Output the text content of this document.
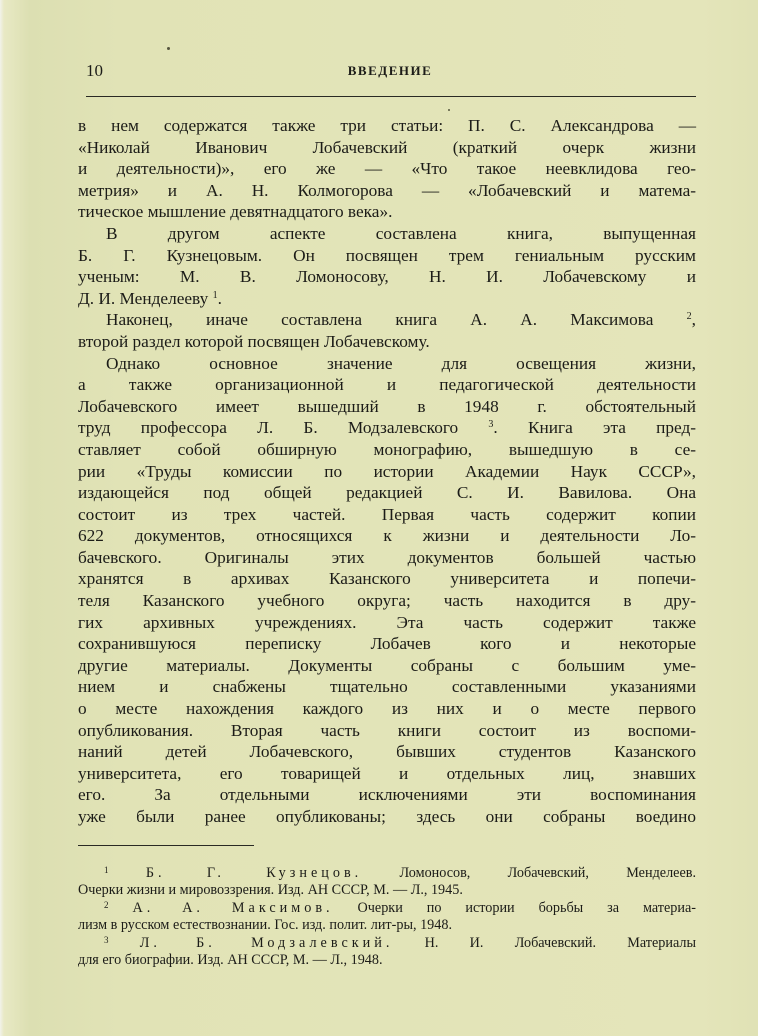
10	ВВЕДЕНИЕ
в нем содержатся также три статьи: П. С. Александрова —
«Николай Иванович Лобачевский (краткий очерк жизни
и деятельности)», его же — «Что такое неевклидова гео-
метрия» и А. Н. Колмогорова — «Лобачевский и матема-
тическое мышление девятнадцатого века».
В другом аспекте составлена книга, выпущенная
Б. Г. Кузнецовым. Он посвящен трем гениальным русским
ученым: М. В. Ломоносову, Н. И. Лобачевскому и
Д. И. Менделееву $^1$.
Наконец, иначе составлена книга А. А. Максимова	$^2$,
второй раздел которой посвящен Лобачевскому.
Однако основное значение для освещения жизни,
а также организационной и педагогической деятельности
Лобачевского имеет вышедший в 1948 г. обстоятельный
труд профессора Л. Б. Модзалевского	$^3$. Книга эта пред-
ставляет собой обширную монографию, вышедшую в се-
рии «Труды комиссии по истории Академии Наук СССР»,
издающейся под общей редакцией С. И. Вавилова. Она
состоит из трех частей. Первая часть содержит копии
622 документов, относящихся к жизни и деятельности Ло-
бачевского. Оригиналы этих документов большей частью
хранятся в архивах Казанского университета и попечи-
теля Казанского учебного округа; часть находится в дру-
гих архивных учреждениях. Эта часть содержит также
сохранившуюся переписку Лобачев кого и некоторые
другие материалы. Документы собраны с большим уме-
нием и снабжены тщательно составленными указаниями
о месте нахождения каждого из них и о месте первого
опубликования. Вторая часть книги состоит из воспоми-
наний детей Лобачевского, бывших студентов Казанского
университета, его товарищей и отдельных лиц, знавших
его. За отдельными исключениями эти воспоминания
уже были ранее опубликованы; здесь они собраны воедино
$^1$	Б. Г. Кузнецов. Ломоносов, Лобачевский, Менделеев.
Очерки жизни и мировоззрения. Изд. АН СССР, М. — Л., 1945.
$^2$ А. А. Максимов. Очерки по истории борьбы за материа-
лизм в русском естествознании. Гос. изд. полит. лит-ры, 1948.
$^3$ Л. Б. Модзалевский. Н. И. Лобачевский. Материалы
для его биографии. Изд. АН СССР, М. — Л., 1948.
